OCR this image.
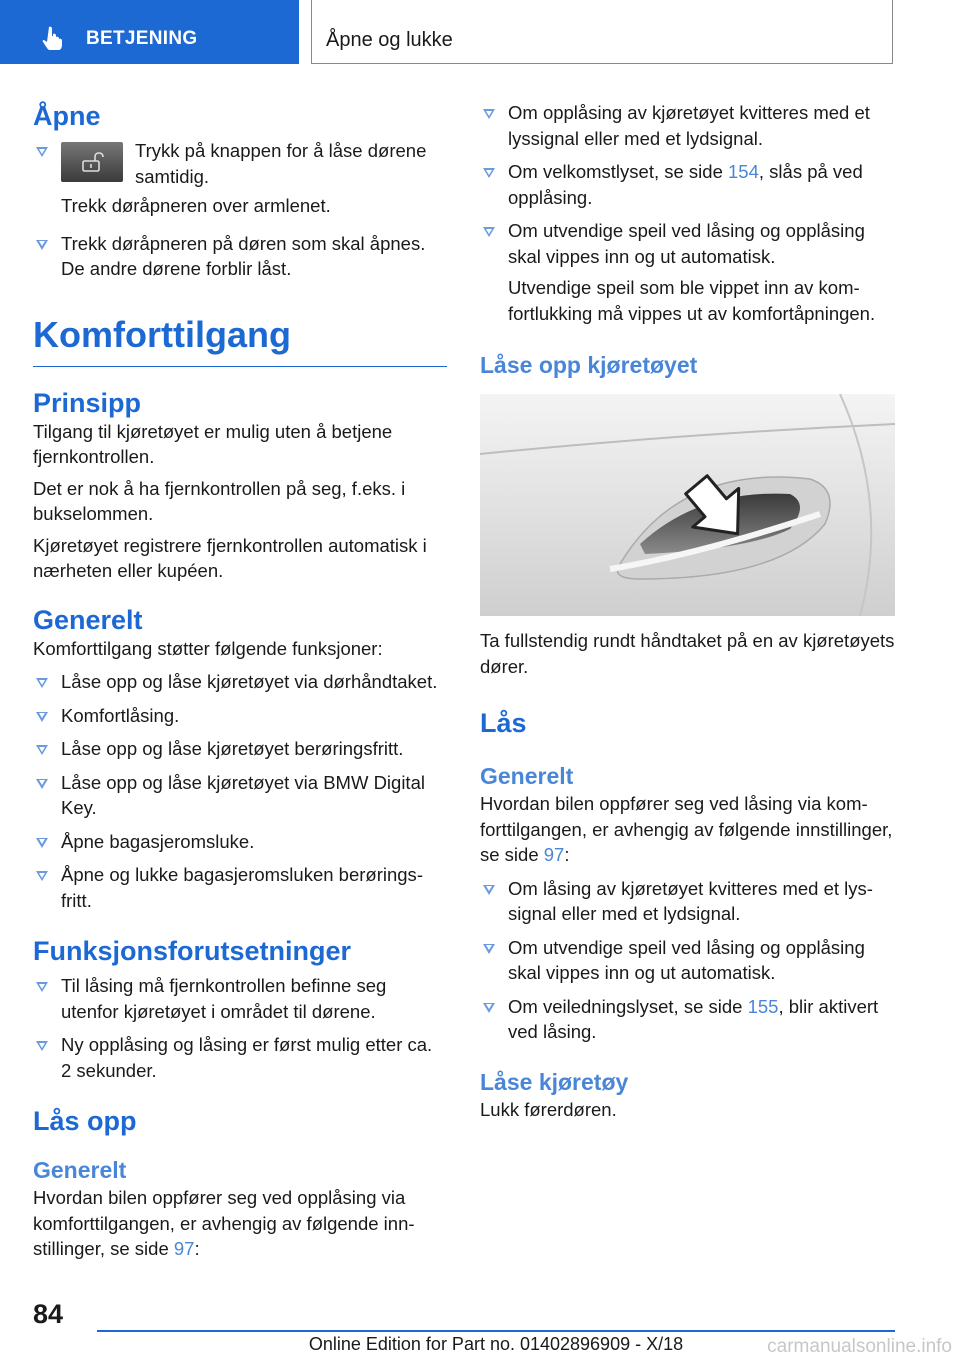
BETJENING	Åpne og lukke
Åpne

Trykk på knappen for å låse dørene samtidig.

Trekk døråpneren over armlenet.

Trekk døråpneren på døren som skal åpnes. De andre dørene forblir låst.

Komforttilgang
Prinsipp

Tilgang til kjøretøyet er mulig uten å betjene fjernkontrollen.

Det er nok å ha fjernkontrollen på seg, f.eks. i bukselommen.

Kjøretøyet registrere fjernkontrollen automatisk i nærheten eller kupéen.

Generelt

Komforttilgang støtter følgende funksjoner:

Låse opp og låse kjøretøyet via dørhåndtaket.

Komfortlåsing.

Låse opp og låse kjøretøyet berøringsfritt.

Låse opp og låse kjøretøyet via BMW Digital Key.

Åpne bagasjeromsluke.

Åpne og lukke bagasjeromsluken berøringsfritt.

Funksjonsforutsetninger

Til låsing må fjernkontrollen befinne seg utenfor kjøretøyet i området til dørene.

Ny opplåsing og låsing er først mulig etter ca. 2 sekunder.

Lås opp
Generelt

Hvordan bilen oppfører seg ved opplåsing via komforttilgangen, er avhengig av følgende innstillinger, se side 97:

Om opplåsing av kjøretøyet kvitteres med et lyssignal eller med et lydsignal.

Om velkomstlyset, se side 154, slås på ved opplåsing.

Om utvendige speil ved låsing og opplåsing skal vippes inn og ut automatisk.

Utvendige speil som ble vippet inn av komfortlukking må vippes ut av komfortåpningen.

Låse opp kjøretøyet

Ta fullstendig rundt håndtaket på en av kjøretøyets dører.

Lås
Generelt

Hvordan bilen oppfører seg ved låsing via komforttilgangen, er avhengig av følgende innstillinger, se side 97:

Om låsing av kjøretøyet kvitteres med et lyssignal eller med et lydsignal.

Om utvendige speil ved låsing og opplåsing skal vippes inn og ut automatisk.

Om veiledningslyset, se side 155, blir aktivert ved låsing.

Låse kjøretøy

Lukk førerdøren.

84
Online Edition for Part no. 01402896909 - X/18	carmanualsonline.info
